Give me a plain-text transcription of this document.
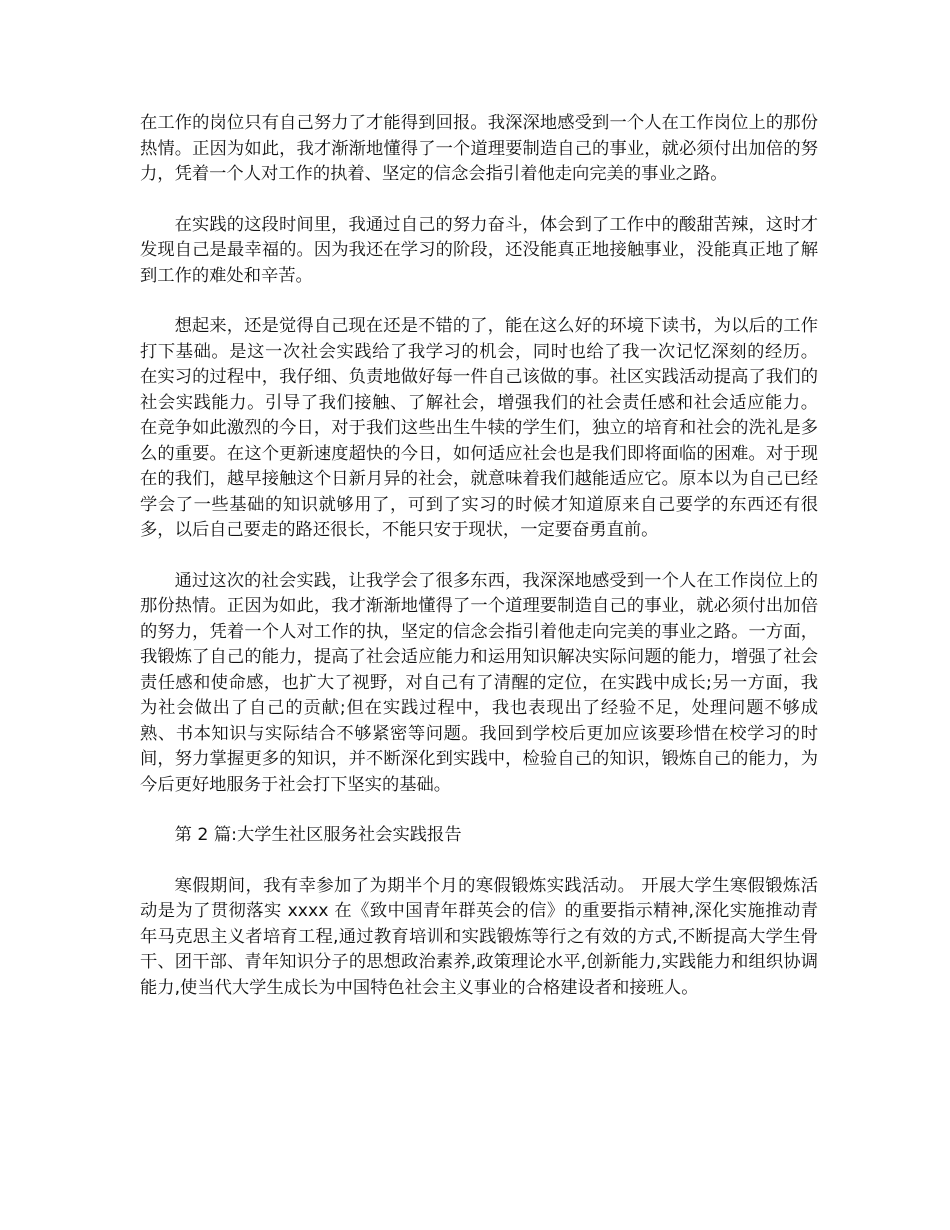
在工作的岗位只有自己努力了才能得到回报。我深深地感受到一个人在工作岗位上的那份热情。正因为如此，我才渐渐地懂得了一个道理要制造自己的事业，就必须付出加倍的努力，凭着一个人对工作的执着、坚定的信念会指引着他走向完美的事业之路。

在实践的这段时间里，我通过自己的努力奋斗，体会到了工作中的酸甜苦辣，这时才发现自己是最幸福的。因为我还在学习的阶段，还没能真正地接触事业，没能真正地了解到工作的难处和辛苦。

想起来，还是觉得自己现在还是不错的了，能在这么好的环境下读书，为以后的工作打下基础。是这一次社会实践给了我学习的机会，同时也给了我一次记忆深刻的经历。 在实习的过程中，我仔细、负责地做好每一件自己该做的事。社区实践活动提高了我们的社会实践能力。引导了我们接触、了解社会，增强我们的社会责任感和社会适应能力。 在竞争如此激烈的今日，对于我们这些出生牛犊的学生们，独立的培育和社会的洗礼是多么的重要。在这个更新速度超快的今日，如何适应社会也是我们即将面临的困难。对于现在的我们，越早接触这个日新月异的社会，就意味着我们越能适应它。原本以为自己已经学会了一些基础的知识就够用了，可到了实习的时候才知道原来自己要学的东西还有很多，以后自己要走的路还很长，不能只安于现状，一定要奋勇直前。

通过这次的社会实践，让我学会了很多东西，我深深地感受到一个人在工作岗位上的那份热情。正因为如此，我才渐渐地懂得了一个道理要制造自己的事业，就必须付出加倍的努力，凭着一个人对工作的执，坚定的信念会指引着他走向完美的事业之路。一方面，我锻炼了自己的能力，提高了社会适应能力和运用知识解决实际问题的能力，增强了社会责任感和使命感，也扩大了视野，对自己有了清醒的定位，在实践中成长;另一方面，我为社会做出了自己的贡献;但在实践过程中，我也表现出了经验不足，处理问题不够成熟、书本知识与实际结合不够紧密等问题。我回到学校后更加应该要珍惜在校学习的时间，努力掌握更多的知识，并不断深化到实践中，检验自己的知识，锻炼自己的能力，为今后更好地服务于社会打下坚实的基础。

第 2 篇:大学生社区服务社会实践报告

寒假期间，我有幸参加了为期半个月的寒假锻炼实践活动。 开展大学生寒假锻炼活动是为了贯彻落实 xxxx 在《致中国青年群英会的信》的重要指示精神,深化实施推动青年马克思主义者培育工程,通过教育培训和实践锻炼等行之有效的方式,不断提高大学生骨干、团干部、青年知识分子的思想政治素养,政策理论水平,创新能力,实践能力和组织协调能力,使当代大学生成长为中国特色社会主义事业的合格建设者和接班人。
